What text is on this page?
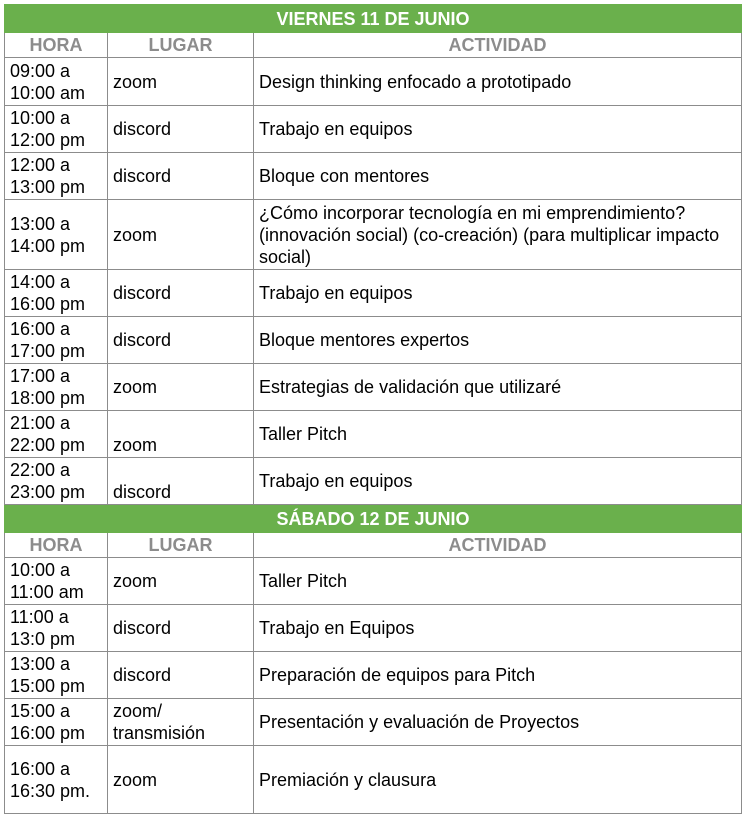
VIERNES 11 DE JUNIO		
HORA	LUGAR	ACTIVIDAD
09:00 a 10:00 am	zoom	Design thinking enfocado a prototipado
10:00 a 12:00 pm	discord	Trabajo en equipos
12:00 a 13:00 pm	discord	Bloque con mentores
13:00 a 14:00 pm	zoom	¿Cómo incorporar tecnología en mi emprendimiento? (innovación social) (co-creación) (para multiplicar impacto social)
14:00 a 16:00 pm	discord	Trabajo en equipos
16:00 a 17:00 pm	discord	Bloque mentores expertos
17:00 a 18:00 pm	zoom	Estrategias de validación que utilizaré
21:00 a 22:00 pm	zoom	Taller Pitch
22:00 a 23:00 pm	discord	Trabajo en equipos
SÁBADO 12 DE JUNIO		
HORA	LUGAR	ACTIVIDAD
10:00 a 11:00 am	zoom	Taller Pitch
11:00 a 13:0 pm	discord	Trabajo en Equipos
13:00 a 15:00 pm	discord	Preparación de equipos para Pitch
15:00 a 16:00 pm	zoom/ transmisión	Presentación y evaluación de Proyectos
16:00 a 16:30 pm.	zoom	Premiación y clausura
